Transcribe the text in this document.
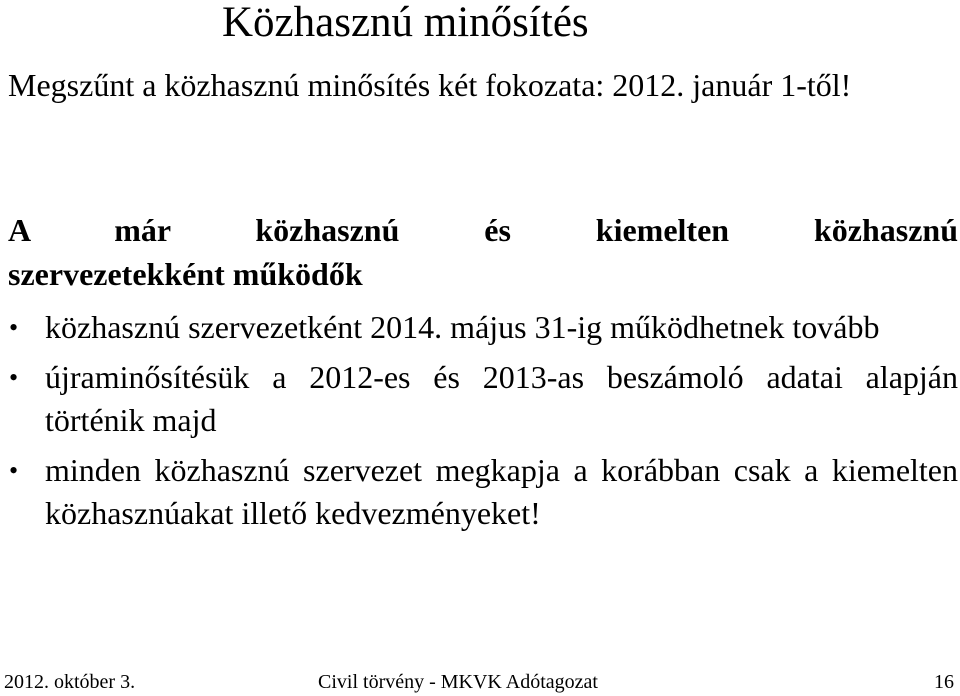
Közhasznú minősítés
Megszűnt a közhasznú minősítés két fokozata: 2012. január 1-től!
A már közhasznú és kiemelten közhasznú
szervezetekként működők
• közhasznú szervezetként 2014. május 31-ig működhetnek tovább
• újraminősítésük a 2012-es és 2013-as beszámoló adatai alapján történik majd
• minden közhasznú szervezet megkapja a korábban csak a kiemelten közhasznúakat illető kedvezményeket!
2012. október 3.	Civil törvény - MKVK Adótagozat	16
